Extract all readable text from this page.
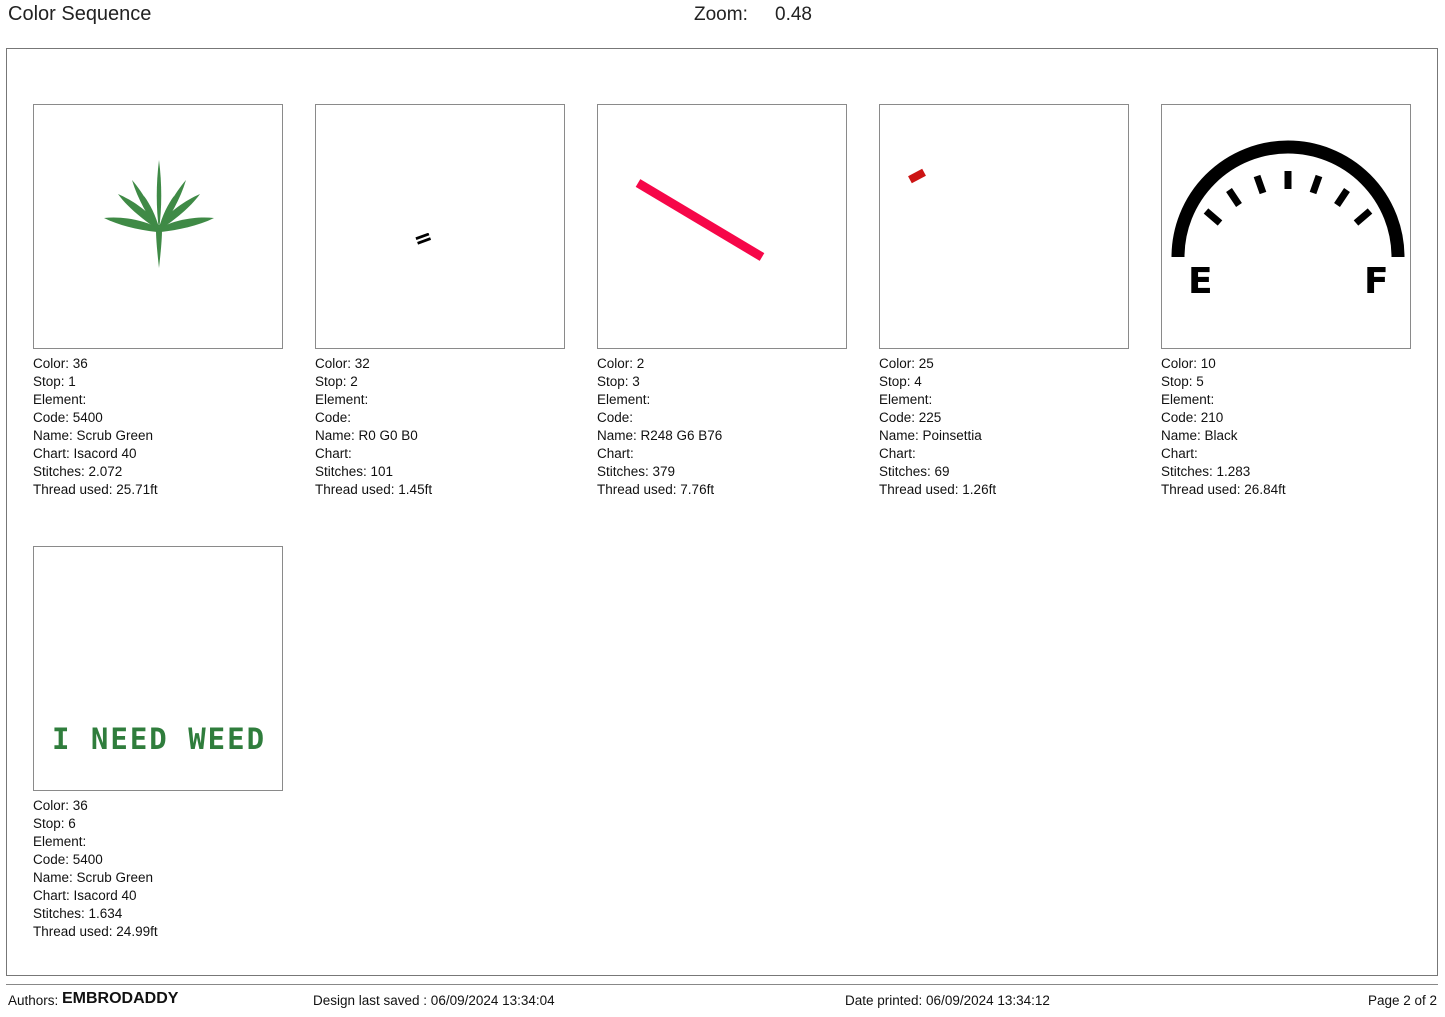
Color Sequence	Zoom: 0.48
Color: 36
Stop: 1
Element:
Code: 5400
Name: Scrub Green
Chart: Isacord 40
Stitches: 2.072
Thread used: 25.71ft
Color: 32
Stop: 2
Element:
Code:
Name: R0 G0 B0
Chart:
Stitches: 101
Thread used: 1.45ft
Color: 2
Stop: 3
Element:
Code:
Name: R248 G6 B76
Chart:
Stitches: 379
Thread used: 7.76ft
Color: 25
Stop: 4
Element:
Code: 225
Name: Poinsettia
Chart:
Stitches: 69
Thread used: 1.26ft
E	F
Color: 10
Stop: 5
Element:
Code: 210
Name: Black
Chart:
Stitches: 1.283
Thread used: 26.84ft
I NEED WEED
Color: 36
Stop: 6
Element:
Code: 5400
Name: Scrub Green
Chart: Isacord 40
Stitches: 1.634
Thread used: 24.99ft
Authors: EMBRODADDY	Design last saved : 06/09/2024 13:34:04	Date printed: 06/09/2024 13:34:12	Page 2 of 2
